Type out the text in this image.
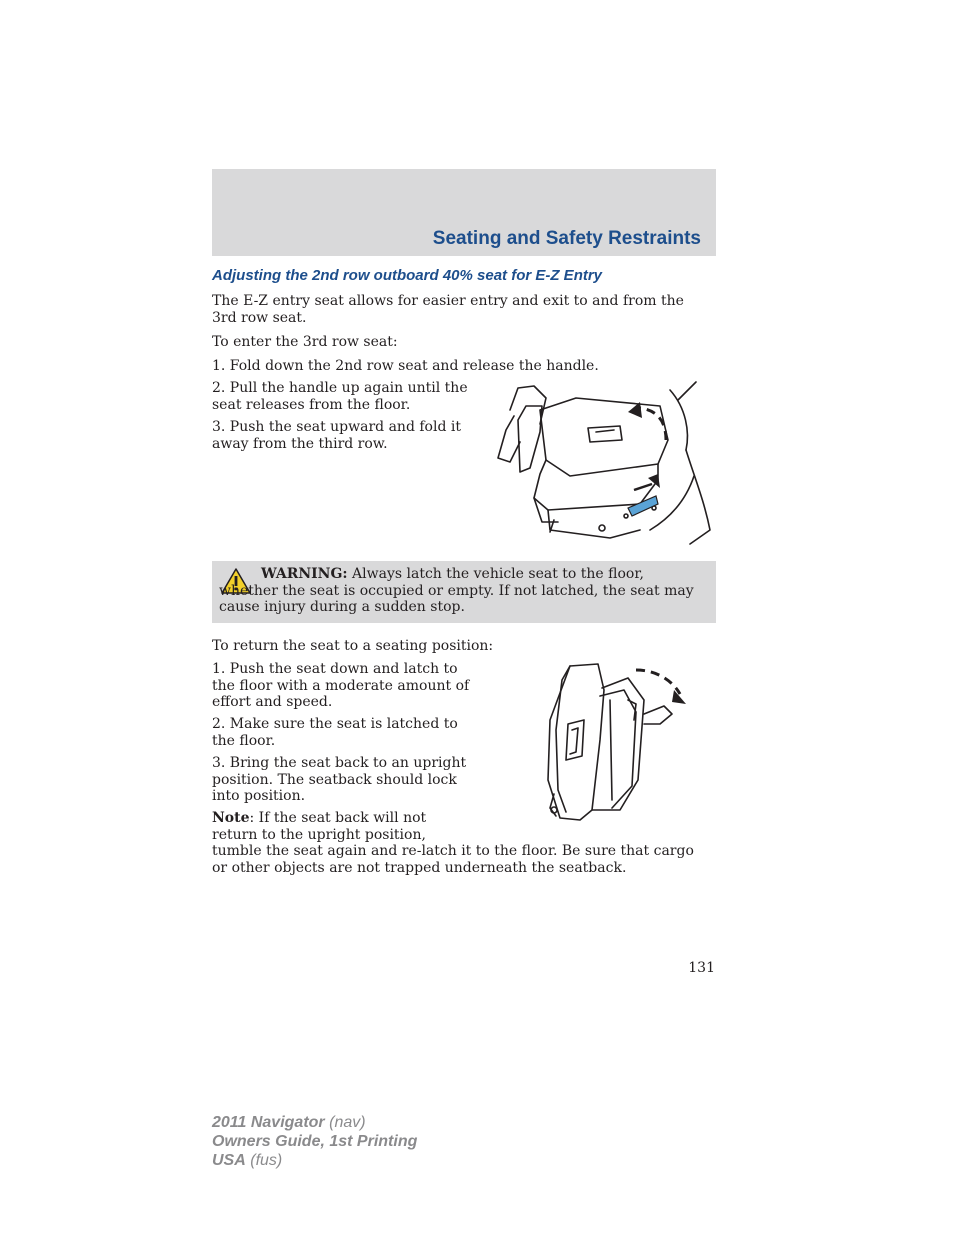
Seating and Safety Restraints
Adjusting the 2nd row outboard 40% seat for E-Z Entry

The E-Z entry seat allows for easier entry and exit to and from the 3rd row seat.

To enter the 3rd row seat:

1. Fold down the 2nd row seat and release the handle.

2. Pull the handle up again until the seat releases from the floor.

3. Push the seat upward and fold it away from the third row.

WARNING: Always latch the vehicle seat to the floor, whether the seat is occupied or empty. If not latched, the seat may cause injury during a sudden stop.

To return the seat to a seating position:

1. Push the seat down and latch to the floor with a moderate amount of effort and speed.

2. Make sure the seat is latched to the floor.

3. Bring the seat back to an upright position. The seatback should lock into position.

Note: If the seat back will not return to the upright position,

tumble the seat again and re-latch it to the floor. Be sure that cargo or other objects are not trapped underneath the seatback.

131

2011 Navigator (nav)
Owners Guide, 1st Printing
USA (fus)
